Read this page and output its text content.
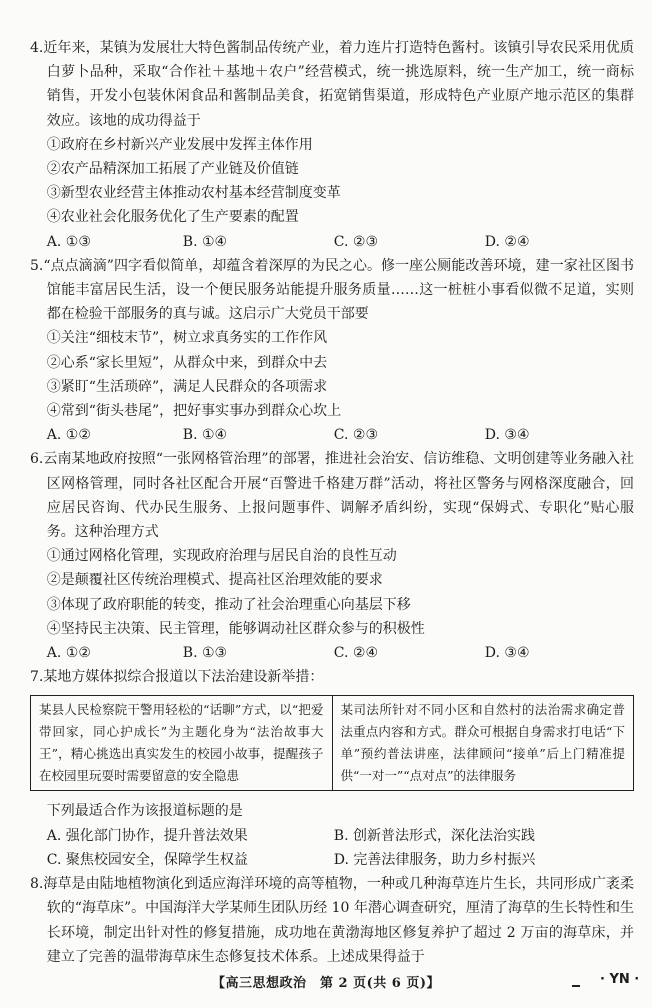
4.近年来，某镇为发展壮大特色酱制品传统产业，着力连片打造特色酱村。该镇引导农民采用优质白萝卜品种，采取“合作社＋基地＋农户”经营模式，统一挑选原料，统一生产加工，统一商标销售，开发小包装休闲食品和酱制品美食，拓宽销售渠道，形成特色产业原产地示范区的集群效应。该地的成功得益于

①政府在乡村新兴产业发展中发挥主体作用

②农产品精深加工拓展了产业链及价值链

③新型农业经营主体推动农村基本经营制度变革

④农业社会化服务优化了生产要素的配置

A. ①③	B. ①④	C. ②③	D. ②④

5.“点点滴滴”四字看似简单，却蕴含着深厚的为民之心。修一座公厕能改善环境，建一家社区图书馆能丰富居民生活，设一个便民服务站能提升服务质量……这一桩桩小事看似微不足道，实则都在检验干部服务的真与诚。这启示广大党员干部要

①关注“细枝末节”，树立求真务实的工作作风

②心系“家长里短”，从群众中来，到群众中去

③紧盯“生活琐碎”，满足人民群众的各项需求

④常到“街头巷尾”，把好事实事办到群众心坎上

A. ①②	B. ①④	C. ②③	D. ③④

6.云南某地政府按照“一张网格管治理”的部署，推进社会治安、信访维稳、文明创建等业务融入社区网格管理，同时各社区配合开展“百警进千格建万群”活动，将社区警务与网格深度融合，回应居民咨询、代办民生服务、上报问题事件、调解矛盾纠纷，实现“保姆式、专职化”贴心服务。这种治理方式

①通过网格化管理，实现政府治理与居民自治的良性互动

②是颠覆社区传统治理模式、提高社区治理效能的要求

③体现了政府职能的转变，推动了社会治理重心向基层下移

④坚持民主决策、民主管理，能够调动社区群众参与的积极性

A. ①②	B. ①③	C. ②④	D. ③④

7.某地方媒体拟综合报道以下法治建设新举措：

某县人民检察院干警用轻松的“话聊”方式，以“把爱带回家，同心护成长”为主题化身为“法治故事大王”，精心挑选出真实发生的校园小故事，提醒孩子在校园里玩耍时需要留意的安全隐患
某司法所针对不同小区和自然村的法治需求确定普法重点内容和方式。群众可根据自身需求打电话“下单”预约普法讲座，法律顾问“接单”后上门精准提供“一对一”“点对点”的法律服务

下列最适合作为该报道标题的是

A. 强化部门协作，提升普法效果	B. 创新普法形式，深化法治实践
C. 聚焦校园安全，保障学生权益	D. 完善法律服务，助力乡村振兴

8.海草是由陆地植物演化到适应海洋环境的高等植物，一种或几种海草连片生长，共同形成广袤柔软的“海草床”。中国海洋大学某师生团队历经 10 年潜心调查研究，厘清了海草的生长特性和生长环境，制定出针对性的修复措施，成功地在黄渤海地区修复养护了超过 2 万亩的海草床，并建立了完善的温带海草床生态修复技术体系。上述成果得益于

【高三思想政治　第 2 页(共 6 页)】	· YN ·
